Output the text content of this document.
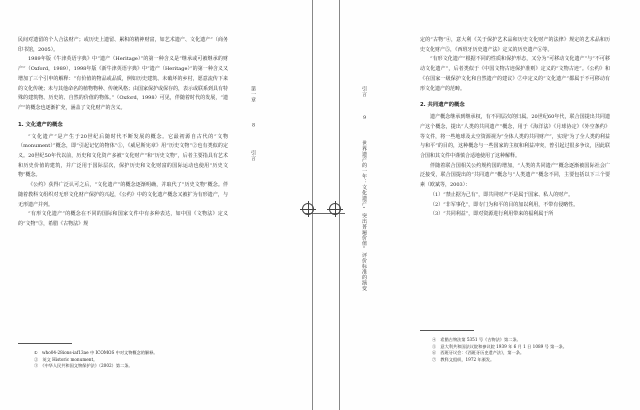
民间对遗留的个人合法财产；或历史上遗留、累积的精神财富，如艺术遗产、文化遗产”（商务印书馆，2005）。

1989年版《牛津英语字典》中“遗产（Heritage）”的第一种含义是“继承或可被继承的财产”（Oxford，1989），1998年版《新牛津英语字典》中“遗产（Heritage）”的第一种含义又增加了三个引申的解释：“有价值的物品或品质，例如历史建筑、未破坏的乡村，愿意流传下来的文化传统；未与其他命名的植物物种、传统风格；由国家保护或保存的，表示或联系到具有特殊的建筑物、历史的、自然的价值的物体。”（Oxford，1998）可见，伴随着时代的发展，“遗产”的概念也逐渐扩充，涵盖了文化财产的含义。

1. 文化遗产的概念

“文化遗产”是产生于20世纪后随时代不断发展的概念。它最初源自古代的“文物（monument）”概念，即“引起记忆的物体”①，《威尼斯宪章》用“历史文物”②也有类似的定义。20世纪50年代以前，历史和文化资产多被“文化财产”和“历史文物”，后者主要指具有艺术和历史价值的建筑，并广泛用于国际层次，保护历史和文化财富的国际运动也使用“历史文物”概念。

《公约》获得广泛认可之后，“文化遗产”的概念逐渐明确，并取代了“历史文物”概念。伴随着教科文组织对无形文化财产保护的兴起，《公约》中的文化遗产概念又被扩为有形遗产，与无形遗产并列。

“有形文化遗产”的概念在不同的国际和国家文件中有多种表达，如中国《文物法》定义的“文物”③，希腊《古物法》规

①　who04-28ions-iaf13ae 中 ICOMOS 中对文物概念的解释。

②　英文 Historic monument。

③　《中华人民共和国文物保护法》（2002）第二条。

第一章  8  引言
引言  9  世界遗产的一年：文化遗产“突出普遍价值”评价标准的演变

定的“古物”④，意大利《关于保护艺术品和历史文化财产的法律》规定的艺术品和历史文化财产⑤，《西班牙历史遗产法》定义的历史遗产⑥等。

“有形文化遗产”根据不同的性质和保护形态，又分为“可移动文化遗产”与“不可移动文化遗产”，后者类似于《中国文物古迹保护准则》定义的“文物古迹”。《公约》和《在国家一级保护文化和自然遗产的建议》⑦中定义的“文化遗产”都属于不可移动有形文化遗产的范畴。

2. 共同遗产的概念

遗产概念继承到继承权，有不同层次的归属。20世纪60年代，联合国提出共同遗产这个概念，提出“人类的共同遗产”概念，用于《海洋法》《月球协定》《外空条约》等文件，将一些地球及太空资源视为“全体人类的共同财产”，实现“为了全人类的利益与和平”的目的，这种概念与一些国家的主权和利益冲突，曾引起过很多争议，因此联合国和其文件中谨慎合适地使用了这种解释。

伴随着联合国相关公约规约国的增加，“人类的共同遗产”概念逐渐被国际社会广泛接受，联合国提出的“共同遗产”概念与“人类遗产”概念不同，主要包括以下三个要素（欧斌等，2003）：

（1）“禁止据为己有”，即共同财产不是属于国家、私人的财产。

（2）“非军事化”，即专门为和平的目的加以利用，不带有侵略性。

（3）“共同利益”，即对资源进行利用带来的福利属于所

④　希腊古物法第 5351 号《古物法》第二条。

⑤　意大利共和国法议院和参议院 1939 年 6 月 1 日 1089 号 第一条。

⑥　西班牙议会：《西班牙历史遗产法》，第一条。

⑦　教科文组织，1972 年颁发。
